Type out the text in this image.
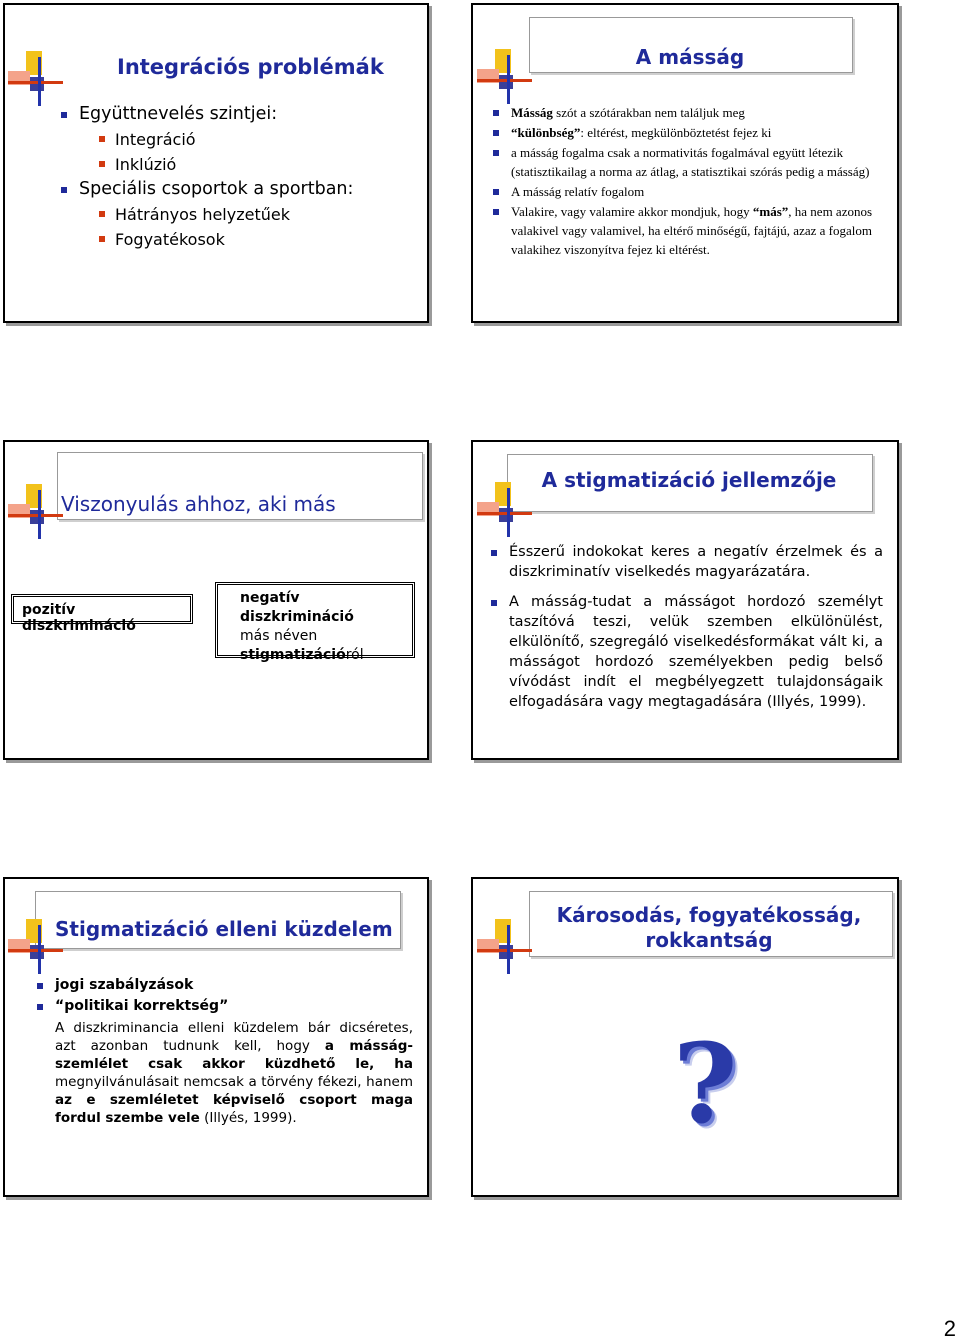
Integrációs problémák
Együttnevelés szintjei:
Integráció
Inklúzió
Speciális csoportok a sportban:
Hátrányos helyzetűek
Fogyatékosok
A másság
Másság szót a szótárakban nem találjuk meg
“különbség”: eltérést, megkülönböztetést fejez ki
a másság fogalma csak a normativitás fogalmával együtt létezik (statisztikailag a norma az átlag, a statisztikai szórás pedig a másság)
A másság relatív fogalom
Valakire, vagy valamire akkor mondjuk, hogy “más”, ha nem azonos valakivel vagy valamivel, ha eltérő minőségű, fajtájú, azaz a fogalom valakihez viszonyítva fejez ki eltérést.
Viszonyulás ahhoz, aki más
pozitív diszkrimináció
negatív diszkrimináció
más néven
stigmatizációról
A stigmatizáció jellemzője
Ésszerű indokokat keres a negatív érzelmek és a diszkriminatív viselkedés magyarázatára.
A másság-tudat a másságot hordozó személyt taszítóvá teszi, velük szemben elkülönülést, elkülönítő, szegregáló viselkedésformákat vált ki, a másságot hordozó személyekben pedig belső vívódást indít el megbélyegzett tulajdonságaik elfogadására vagy megtagadására (Illyés, 1999).
Stigmatizáció elleni küzdelem
jogi szabályzások
“politikai korrektség”
A diszkriminancia elleni küzdelem bár dicséretes, azt azonban tudnunk kell, hogy a másság-szemlélet csak akkor küzdhető le, ha megnyilvánulásait nemcsak a törvény fékezi, hanem az e szemléletet képviselő csoport maga fordul szembe vele (Illyés, 1999).
Károsodás, fogyatékosság, rokkantság
?
2
